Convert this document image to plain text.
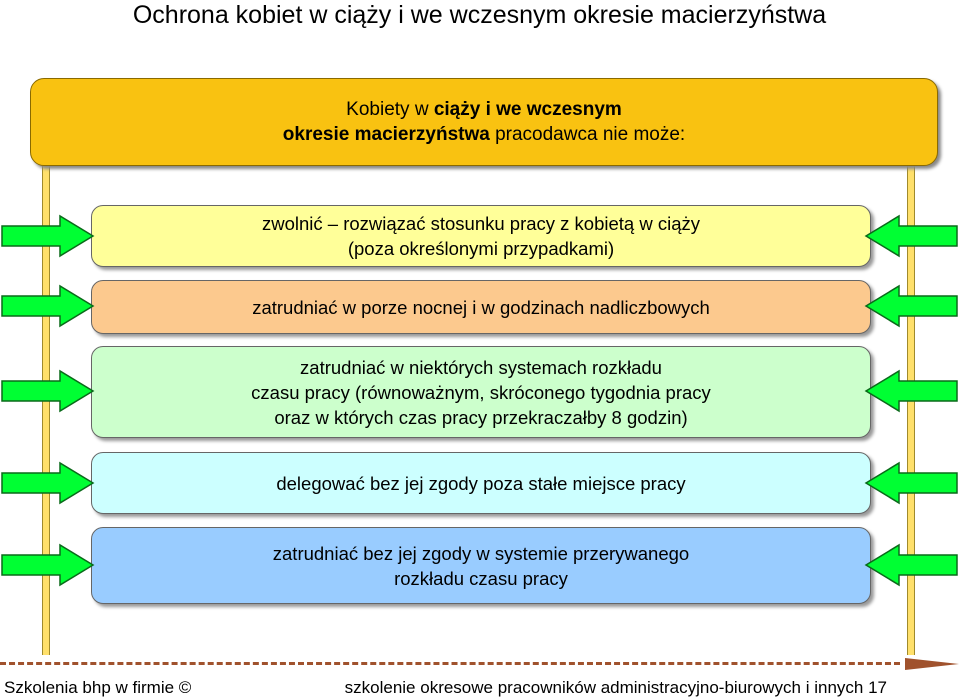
Ochrona kobiet w ciąży i we wczesnym okresie macierzyństwa
Kobiety w ciąży i we wczesnym
okresie macierzyństwa pracodawca nie może:
zwolnić – rozwiązać stosunku pracy z kobietą w ciąży
(poza określonymi przypadkami)
zatrudniać w porze nocnej i w godzinach nadliczbowych
zatrudniać w niektórych systemach rozkładu
czasu pracy (równoważnym, skróconego tygodnia pracy
oraz w których czas pracy przekraczałby 8 godzin)
delegować bez jej zgody poza stałe miejsce pracy
zatrudniać bez jej zgody w systemie przerywanego
rozkładu czasu pracy
Szkolenia bhp w firmie ©	szkolenie okresowe pracowników administracyjno-biurowych i innych 17
